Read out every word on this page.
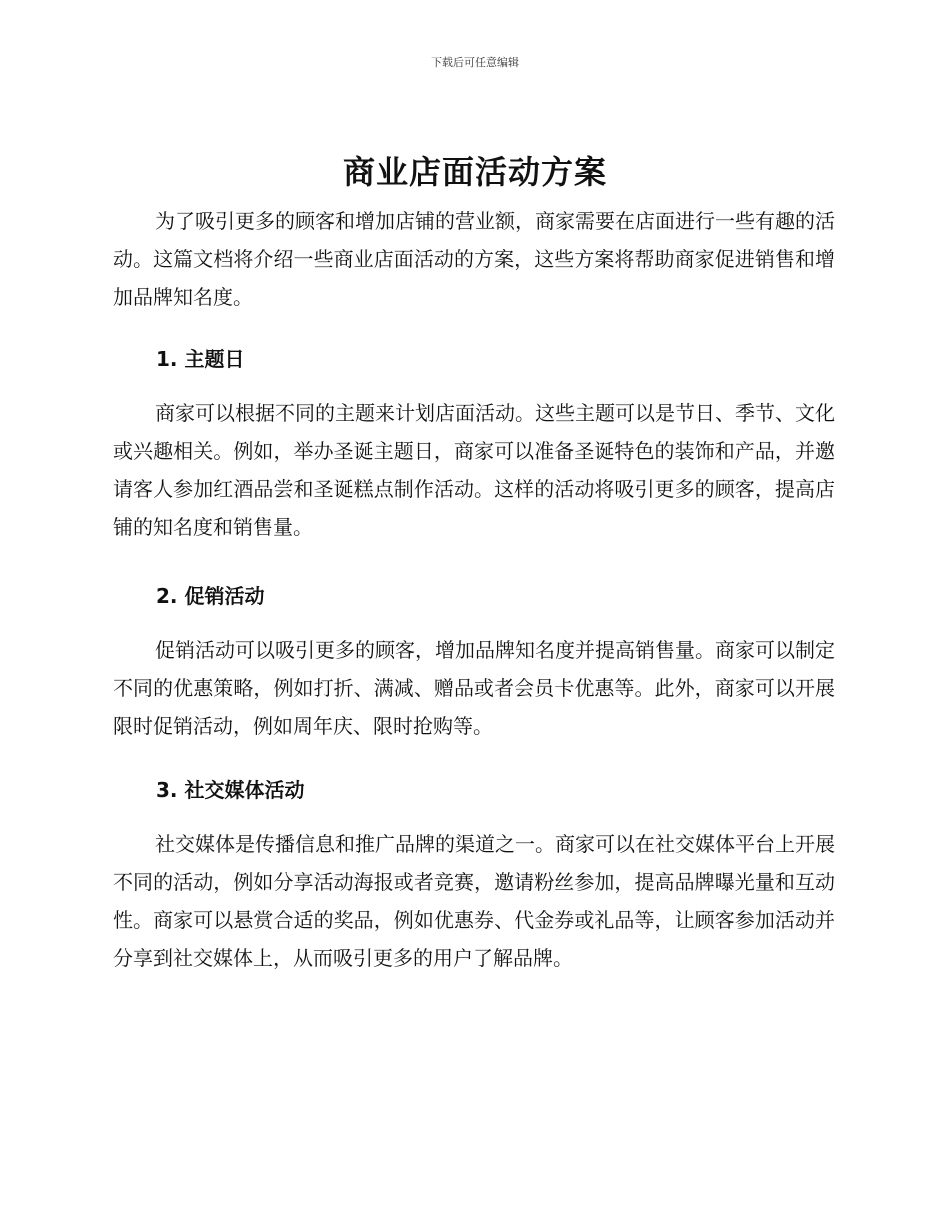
下载后可任意编辑
商业店面活动方案

为了吸引更多的顾客和增加店铺的营业额，商家需要在店面进行一些有趣的活动。这篇文档将介绍一些商业店面活动的方案，这些方案将帮助商家促进销售和增加品牌知名度。

1. 主题日

商家可以根据不同的主题来计划店面活动。这些主题可以是节日、季节、文化或兴趣相关。例如，举办圣诞主题日，商家可以准备圣诞特色的装饰和产品，并邀请客人参加红酒品尝和圣诞糕点制作活动。这样的活动将吸引更多的顾客，提高店铺的知名度和销售量。

2. 促销活动

促销活动可以吸引更多的顾客，增加品牌知名度并提高销售量。商家可以制定不同的优惠策略，例如打折、满减、赠品或者会员卡优惠等。此外，商家可以开展限时促销活动，例如周年庆、限时抢购等。

3. 社交媒体活动

社交媒体是传播信息和推广品牌的渠道之一。商家可以在社交媒体平台上开展不同的活动，例如分享活动海报或者竞赛，邀请粉丝参加，提高品牌曝光量和互动性。商家可以悬赏合适的奖品，例如优惠券、代金券或礼品等，让顾客参加活动并分享到社交媒体上，从而吸引更多的用户了解品牌。
